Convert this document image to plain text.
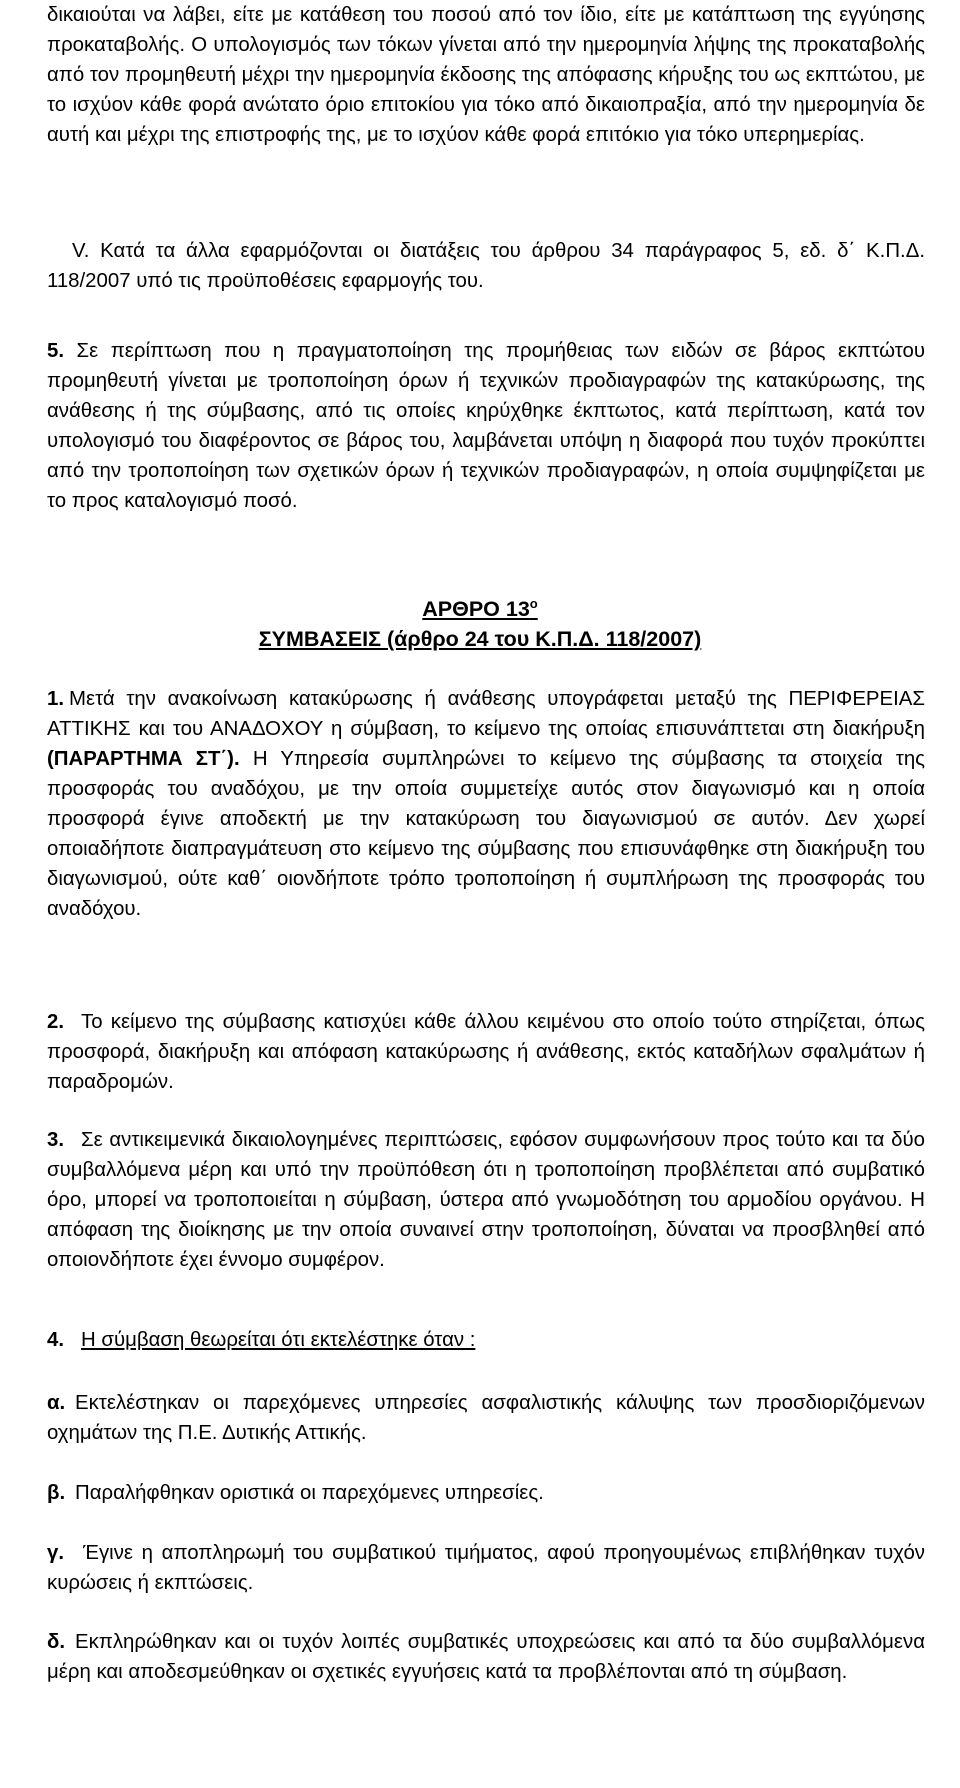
δικαιούται να λάβει, είτε με κατάθεση του ποσού από τον ίδιο, είτε με κατάπτωση της εγγύησης προκαταβολής. Ο υπολογισμός των τόκων γίνεται από την ημερομηνία λήψης της προκαταβολής από τον προμηθευτή μέχρι την ημερομηνία έκδοσης της απόφασης κήρυξης του ως εκπτώτου, με το ισχύον κάθε φορά ανώτατο όριο επιτοκίου για τόκο από δικαιοπραξία, από την ημερομηνία δε αυτή και μέχρι της επιστροφής της, με το ισχύον κάθε φορά επιτόκιο για τόκο υπερημερίας.

V. Κατά τα άλλα εφαρμόζονται οι διατάξεις του άρθρου 34 παράγραφος 5, εδ. δ΄ Κ.Π.Δ. 118/2007 υπό τις προϋποθέσεις εφαρμογής του.

5. Σε περίπτωση που η πραγματοποίηση της προμήθειας των ειδών σε βάρος εκπτώτου προμηθευτή γίνεται με τροποποίηση όρων ή τεχνικών προδιαγραφών της κατακύρωσης, της ανάθεσης ή της σύμβασης, από τις οποίες κηρύχθηκε έκπτωτος, κατά περίπτωση, κατά τον υπολογισμό του διαφέροντος σε βάρος του, λαμβάνεται υπόψη η διαφορά που τυχόν προκύπτει από την τροποποίηση των σχετικών όρων ή τεχνικών προδιαγραφών, η οποία συμψηφίζεται με το προς καταλογισμό ποσό.

ΑΡΘΡΟ $13^o$
ΣΥΜΒΑΣΕΙΣ (άρθρο 24 του Κ.Π.Δ. 118/2007)
1. Μετά την ανακοίνωση κατακύρωσης ή ανάθεσης υπογράφεται μεταξύ της ΠΕΡΙΦΕΡΕΙΑΣ ΑΤΤΙΚΗΣ και του ΑΝΑΔΟΧΟΥ η σύμβαση, το κείμενο της οποίας επισυνάπτεται στη διακήρυξη (ΠΑΡΑΡΤΗΜΑ ΣΤ΄). Η Υπηρεσία συμπληρώνει το κείμενο της σύμβασης τα στοιχεία της προσφοράς του αναδόχου, με την οποία συμμετείχε αυτός στον διαγωνισμό και η οποία προσφορά έγινε αποδεκτή με την κατακύρωση του διαγωνισμού σε αυτόν. Δεν χωρεί οποιαδήποτε διαπραγμάτευση στο κείμενο της σύμβασης που επισυνάφθηκε στη διακήρυξη του διαγωνισμού, ούτε καθ΄ οιονδήποτε τρόπο τροποποίηση ή συμπλήρωση της προσφοράς του αναδόχου.

2. Το κείμενο της σύμβασης κατισχύει κάθε άλλου κειμένου στο οποίο τούτο στηρίζεται, όπως προσφορά, διακήρυξη και απόφαση κατακύρωσης ή ανάθεσης, εκτός καταδήλων σφαλμάτων ή παραδρομών.

3. Σε αντικειμενικά δικαιολογημένες περιπτώσεις, εφόσον συμφωνήσουν προς τούτο και τα δύο συμβαλλόμενα μέρη και υπό την προϋπόθεση ότι η τροποποίηση προβλέπεται από συμβατικό όρο, μπορεί να τροποποιείται η σύμβαση, ύστερα από γνωμοδότηση του αρμοδίου οργάνου. Η απόφαση της διοίκησης με την οποία συναινεί στην τροποποίηση, δύναται να προσβληθεί από οποιονδήποτε έχει έννομο συμφέρον.

4. Η σύμβαση θεωρείται ότι εκτελέστηκε όταν :

α. Εκτελέστηκαν οι παρεχόμενες υπηρεσίες ασφαλιστικής κάλυψης των προσδιοριζόμενων οχημάτων της Π.Ε. Δυτικής Αττικής.

β. Παραλήφθηκαν οριστικά οι παρεχόμενες υπηρεσίες.

γ. Έγινε η αποπληρωμή του συμβατικού τιμήματος, αφού προηγουμένως επιβλήθηκαν τυχόν κυρώσεις ή εκπτώσεις.

δ. Εκπληρώθηκαν και οι τυχόν λοιπές συμβατικές υποχρεώσεις και από τα δύο συμβαλλόμενα μέρη και αποδεσμεύθηκαν οι σχετικές εγγυήσεις κατά τα προβλέπονται από τη σύμβαση.
